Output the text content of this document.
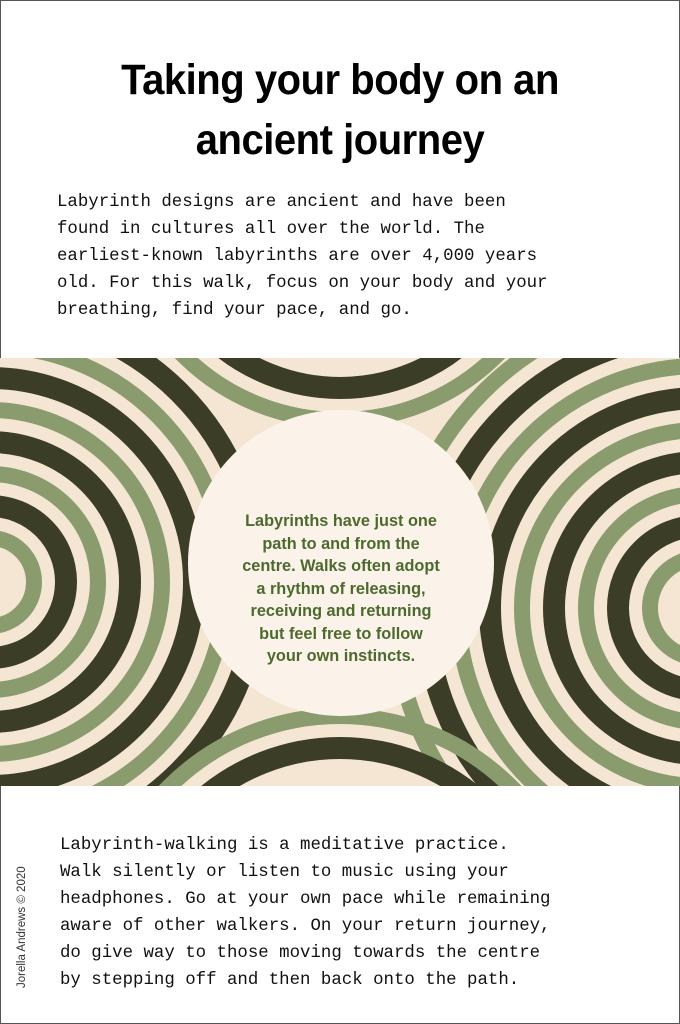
Taking your body on an
ancient journey
Labyrinth designs are ancient and have been
found in cultures all over the world. The
earliest-known labyrinths are over 4,000 years
old. For this walk, focus on your body and your
breathing, find your pace, and go.
Labyrinths have just one
path to and from the
centre. Walks often adopt
a rhythm of releasing,
receiving and returning
but feel free to follow
your own instincts.
Labyrinth-walking is a meditative practice.
Walk silently or listen to music using your
headphones. Go at your own pace while remaining
aware of other walkers. On your return journey,
do give way to those moving towards the centre
by stepping off and then back onto the path.
Jorella Andrews © 2020
